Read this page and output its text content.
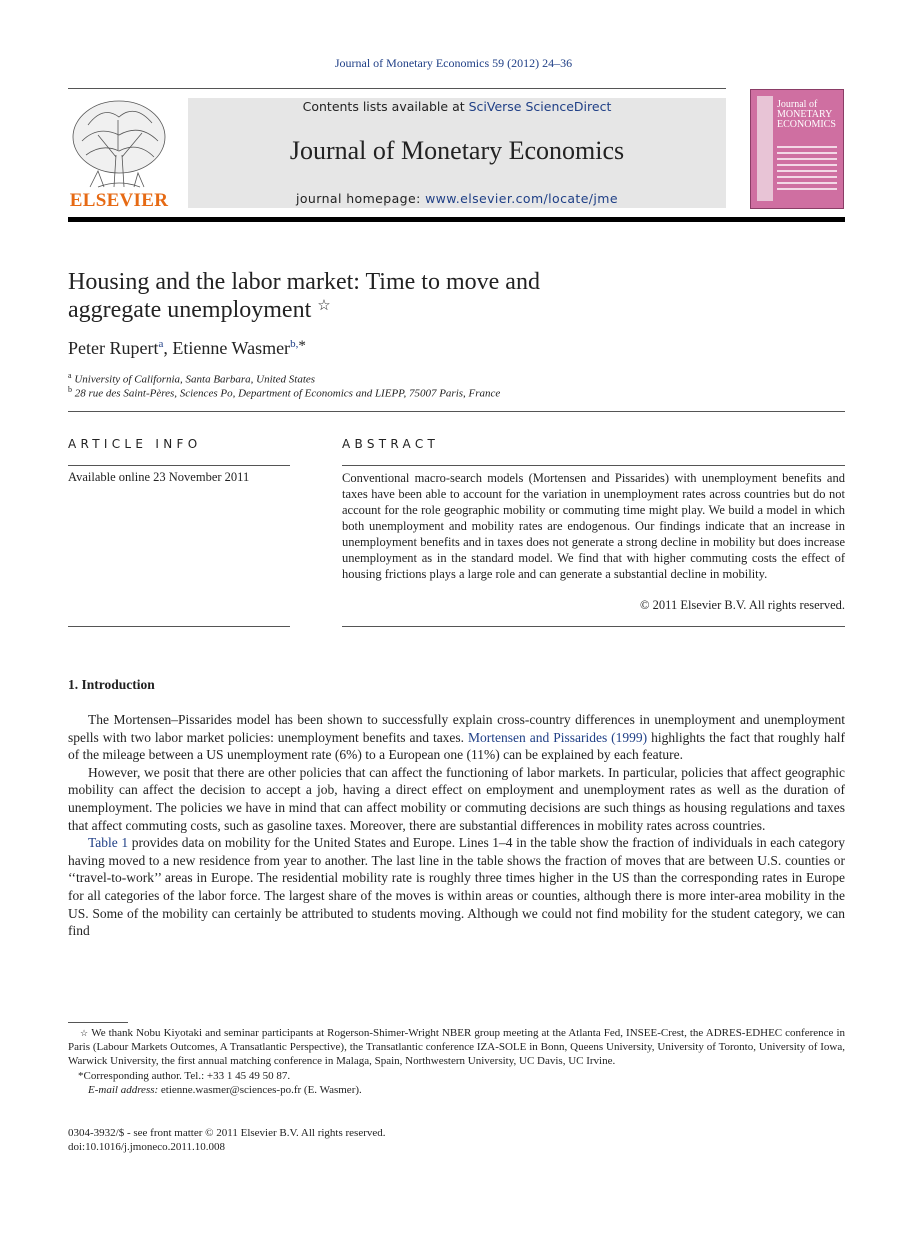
Journal of Monetary Economics 59 (2012) 24–36
ELSEVIER
Contents lists available at SciVerse ScienceDirect
Journal of Monetary Economics
journal homepage: www.elsevier.com/locate/jme
Journal of MONETARY ECONOMICS
Housing and the labor market: Time to move and
aggregate unemployment ☆
Peter Rupert$^a$, Etienne Wasmer$^{b,*}$
$^a$ University of California, Santa Barbara, United States
$^b$ 28 rue des Saint-Pères, Sciences Po, Department of Economics and LIEPP, 75007 Paris, France
ARTICLE INFO
Available online 23 November 2011
ABSTRACT
Conventional macro-search models (Mortensen and Pissarides) with unemployment benefits and taxes have been able to account for the variation in unemployment rates across countries but do not account for the role geographic mobility or commuting time might play. We build a model in which both unemployment and mobility rates are endogenous. Our findings indicate that an increase in unemployment benefits and in taxes does not generate a strong decline in mobility but does increase unemployment as in the standard model. We find that with higher commuting costs the effect of housing frictions plays a large role and can generate a substantial decline in mobility.
© 2011 Elsevier B.V. All rights reserved.
1. Introduction

The Mortensen–Pissarides model has been shown to successfully explain cross-country differences in unemployment and unemployment spells with two labor market policies: unemployment benefits and taxes. Mortensen and Pissarides (1999) highlights the fact that roughly half of the mileage between a US unemployment rate (6%) to a European one (11%) can be explained by each feature.

However, we posit that there are other policies that can affect the functioning of labor markets. In particular, policies that affect geographic mobility can affect the decision to accept a job, having a direct effect on employment and unemployment rates as well as the duration of unemployment. The policies we have in mind that can affect mobility or commuting decisions are such things as housing regulations and taxes that affect commuting costs, such as gasoline taxes. Moreover, there are substantial differences in mobility rates across countries.

Table 1 provides data on mobility for the United States and Europe. Lines 1–4 in the table show the fraction of individuals in each category having moved to a new residence from year to another. The last line in the table shows the fraction of moves that are between U.S. counties or ‘‘travel-to-work’’ areas in Europe. The residential mobility rate is roughly three times higher in the US than the corresponding rates in Europe for all categories of the labor force. The largest share of the moves is within areas or counties, although there is more inter-area mobility in the US. Some of the mobility can certainly be attributed to students moving. Although we could not find mobility for the student category, we can find

☆ We thank Nobu Kiyotaki and seminar participants at Rogerson-Shimer-Wright NBER group meeting at the Atlanta Fed, INSEE-Crest, the ADRES-EDHEC conference in Paris (Labour Markets Outcomes, A Transatlantic Perspective), the Transatlantic conference IZA-SOLE in Bonn, Queens University, University of Toronto, University of Iowa, Warwick University, the first annual matching conference in Malaga, Spain, Northwestern University, UC Davis, UC Irvine.

*Corresponding author. Tel.: +33 1 45 49 50 87.

E-mail address: etienne.wasmer@sciences-po.fr (E. Wasmer).

0304-3932/$ - see front matter © 2011 Elsevier B.V. All rights reserved.
doi:10.1016/j.jmoneco.2011.10.008
